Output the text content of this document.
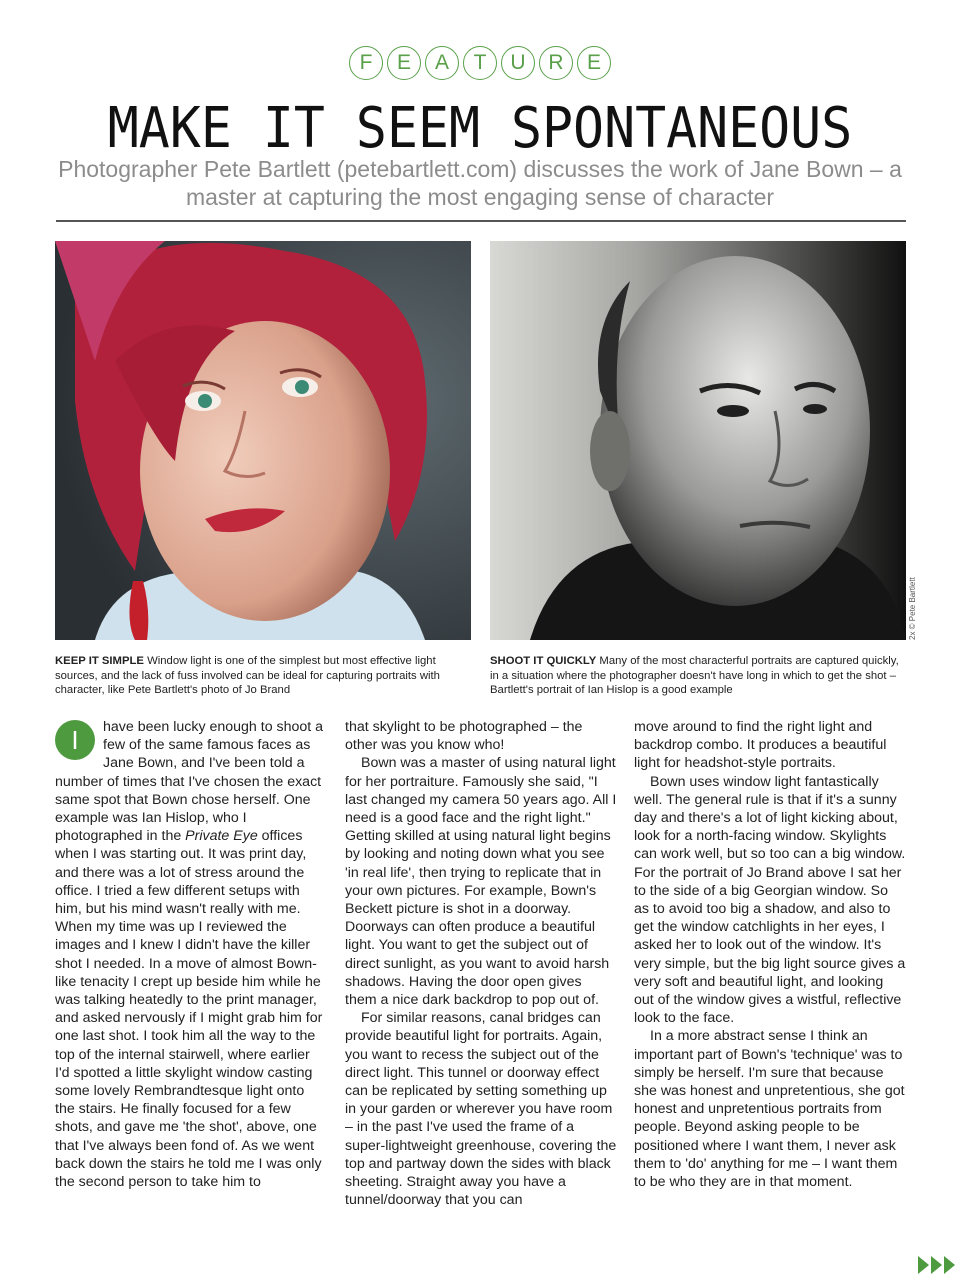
F	E	A	T	U	R	E
MAKE IT SEEM SPONTANEOUS

Photographer Pete Bartlett (petebartlett.com) discusses the work of Jane Bown – a master at capturing the most engaging sense of character

2x © Pete Bartlett
KEEP IT SIMPLE Window light is one of the simplest but most effective light sources, and the lack of fuss involved can be ideal for capturing portraits with character, like Pete Bartlett's photo of Jo Brand
SHOOT IT QUICKLY Many of the most characterful portraits are captured quickly, in a situation where the photographer doesn't have long in which to get the shot – Bartlett's portrait of Ian Hislop is a good example

I	have been lucky enough to shoot a few of the same famous faces as Jane Bown, and I've been told a number of times that I've chosen the exact same spot that Bown chose herself. One example was Ian Hislop, who I photographed in the Private Eye offices when I was starting out. It was print day, and there was a lot of stress around the office. I tried a few different setups with him, but his mind wasn't really with me. When my time was up I reviewed the images and I knew I didn't have the killer shot I needed. In a move of almost Bown-like tenacity I crept up beside him while he was talking heatedly to the print manager, and asked nervously if I might grab him for one last shot. I took him all the way to the top of the internal stairwell, where earlier I'd spotted a little skylight window casting some lovely Rembrandtesque light onto the stairs. He finally focused for a few shots, and gave me 'the shot', above, one that I've always been fond of. As we went back down the stairs he told me I was only the second person to take him to

that skylight to be photographed – the other was you know who!

Bown was a master of using natural light for her portraiture. Famously she said, "I last changed my camera 50 years ago. All I need is a good face and the right light." Getting skilled at using natural light begins by looking and noting down what you see 'in real life', then trying to replicate that in your own pictures. For example, Bown's Beckett picture is shot in a doorway. Doorways can often produce a beautiful light. You want to get the subject out of direct sunlight, as you want to avoid harsh shadows. Having the door open gives them a nice dark backdrop to pop out of.

For similar reasons, canal bridges can provide beautiful light for portraits. Again, you want to recess the subject out of the direct light. This tunnel or doorway effect can be replicated by setting something up in your garden or wherever you have room – in the past I've used the frame of a super-lightweight greenhouse, covering the top and partway down the sides with black sheeting. Straight away you have a tunnel/doorway that you can

move around to find the right light and backdrop combo. It produces a beautiful light for headshot-style portraits.

Bown uses window light fantastically well. The general rule is that if it's a sunny day and there's a lot of light kicking about, look for a north-facing window. Skylights can work well, but so too can a big window. For the portrait of Jo Brand above I sat her to the side of a big Georgian window. So as to avoid too big a shadow, and also to get the window catchlights in her eyes, I asked her to look out of the window. It's very simple, but the big light source gives a very soft and beautiful light, and looking out of the window gives a wistful, reflective look to the face.

In a more abstract sense I think an important part of Bown's 'technique' was to simply be herself. I'm sure that because she was honest and unpretentious, she got honest and unpretentious portraits from people. Beyond asking people to be positioned where I want them, I never ask them to 'do' anything for me – I want them to be who they are in that moment.
